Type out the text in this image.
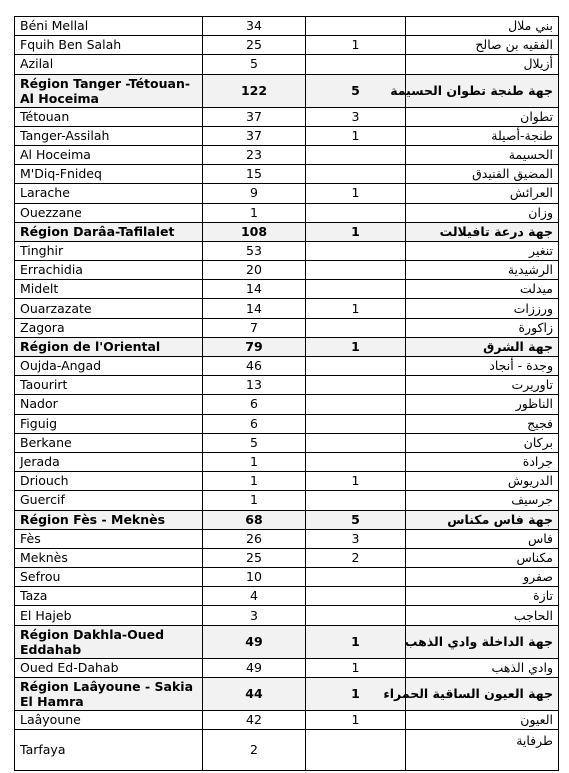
Béni Mellal	34		بني ملال
Fquih Ben Salah	25	1	الفقيه بن صالح
Azilal	5		أزيلال
Région Tanger -Tétouan- Al Hoceima	122	5	جهة طنجة تطوان الحسيمة
Tétouan	37	3	تطوان
Tanger-Assilah	37	1	طنجة-أصيلة
Al Hoceima	23		الحسيمة
M'Diq-Fnideq	15		المضيق الفنيدق
Larache	9	1	العرائش
Ouezzane	1		وزان
Région Darâa-Tafilalet	108	1	جهة درعة تافيلالت
Tinghir	53		تنغير
Errachidia	20		الرشيدية
Midelt	14		ميدلت
Ouarzazate	14	1	ورززات
Zagora	7		زاكورة
Région de l'Oriental	79	1	جهة الشرق
Oujda-Angad	46		وجدة - أنجاد
Taourirt	13		تاوريرت
Nador	6		الناظور
Figuig	6		فجيج
Berkane	5		بركان
Jerada	1		جرادة
Driouch	1	1	الدريوش
Guercif	1		جرسيف
Région Fès - Meknès	68	5	جهة فاس مكناس
Fès	26	3	فاس
Meknès	25	2	مكناس
Sefrou	10		صفرو
Taza	4		تازة
El Hajeb	3		الحاجب
Région Dakhla-Oued Eddahab	49	1	جهة الداخلة وادي الذهب
Oued Ed-Dahab	49	1	وادي الذهب
Région Laâyoune - Sakia El Hamra	44	1	جهة العيون الساقية الحمراء
Laâyoune	42	1	العيون
Tarfaya	2		طرفاية
